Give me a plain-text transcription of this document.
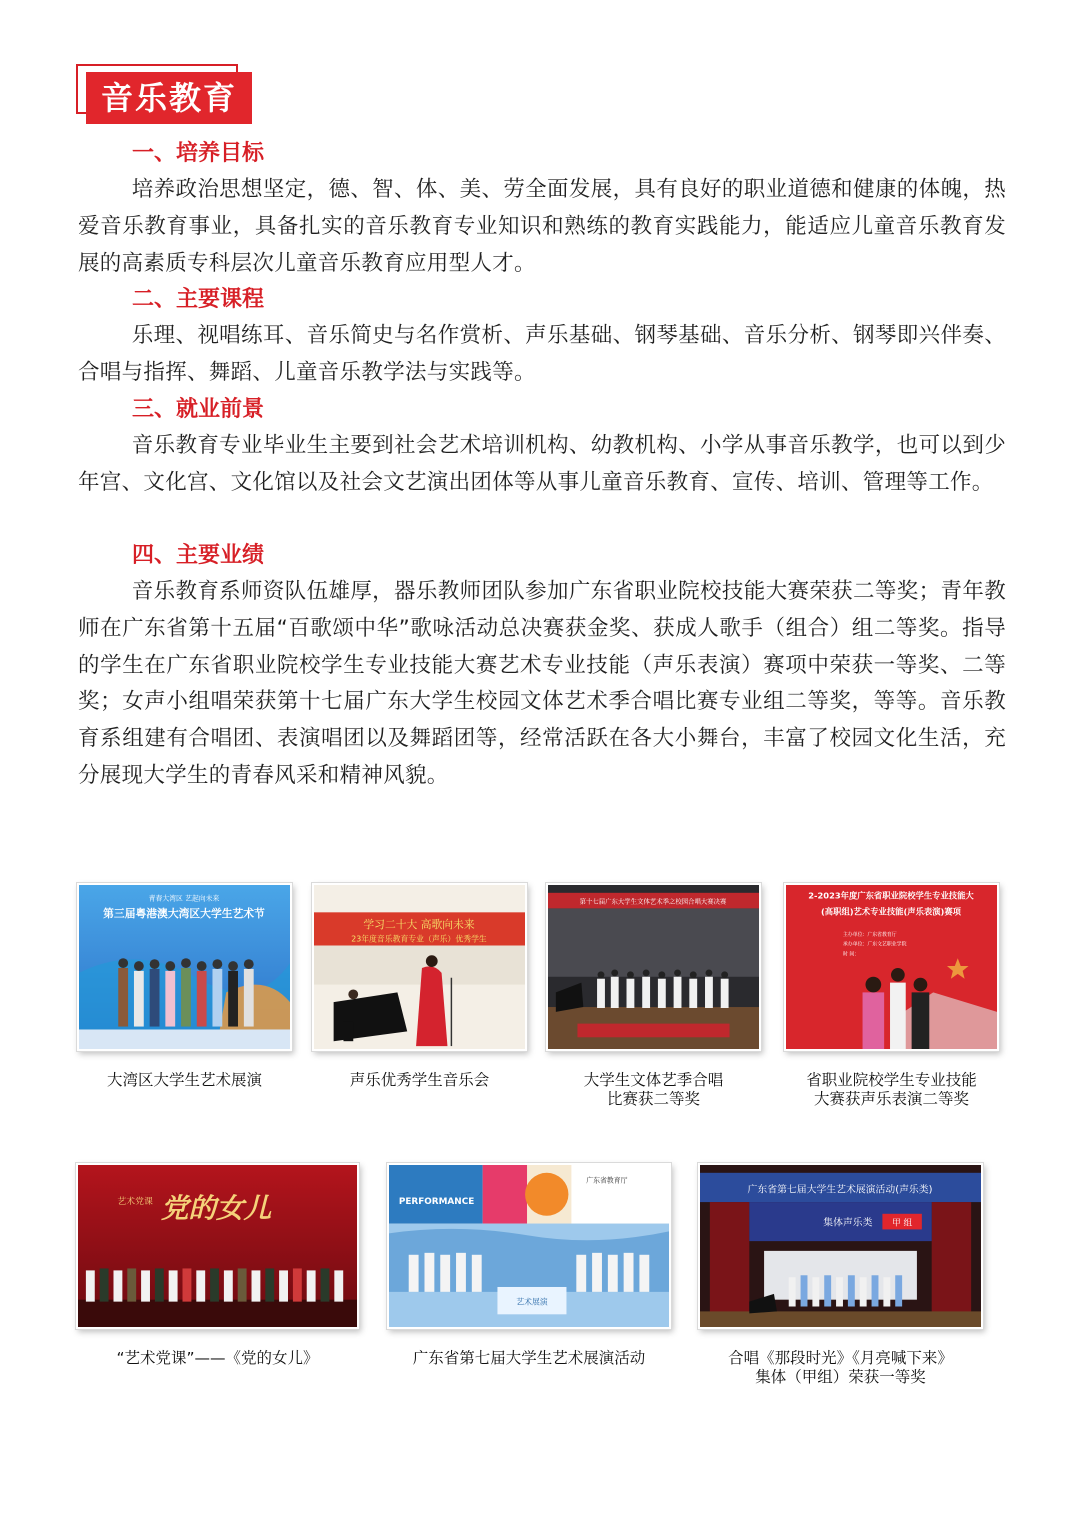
音乐教育
一、培养目标

培养政治思想坚定，德、智、体、美、劳全面发展，具有良好的职业道德和健康的体魄，热爱音乐教育事业，具备扎实的音乐教育专业知识和熟练的教育实践能力，能适应儿童音乐教育发展的高素质专科层次儿童音乐教育应用型人才。

二、主要课程

乐理、视唱练耳、音乐简史与名作赏析、声乐基础、钢琴基础、音乐分析、钢琴即兴伴奏、合唱与指挥、舞蹈、儿童音乐教学法与实践等。

三、就业前景

音乐教育专业毕业生主要到社会艺术培训机构、幼教机构、小学从事音乐教学，也可以到少年宫、文化宫、文化馆以及社会文艺演出团体等从事儿童音乐教育、宣传、培训、管理等工作。

四、主要业绩

音乐教育系师资队伍雄厚，器乐教师团队参加广东省职业院校技能大赛荣获二等奖；青年教师在广东省第十五届“百歌颂中华”歌咏活动总决赛获金奖、获成人歌手（组合）组二等奖。指导的学生在广东省职业院校学生专业技能大赛艺术专业技能（声乐表演）赛项中荣获一等奖、二等奖；女声小组唱荣获第十七届广东大学生校园文体艺术季合唱比赛专业组二等奖，等等。音乐教育系组建有合唱团、表演唱团以及舞蹈团等，经常活跃在各大小舞台，丰富了校园文化生活，充分展现大学生的青春风采和精神风貌。

青春大湾区 艺起向未来
第三届粤港澳大湾区大学生艺术节
大湾区大学生艺术展演
学习二十大 高歌向未来
23年度音乐教育专业（声乐）优秀学生
声乐优秀学生音乐会
第十七届广东大学生文体艺术季之校园合唱大赛决赛
大学生文体艺季合唱
比赛获二等奖
2-2023年度广东省职业院校学生专业技能大
(高职组)艺术专业技能(声乐表演)赛项
主办单位：广东省教育厅
承办单位：广东文艺职业学院
时 间：
省职业院校学生专业技能
大赛获声乐表演二等奖
艺术党课 党的女儿
“艺术党课”——《党的女儿》
PERFORMANCE
广东省教育厅
艺术展演
广东省第七届大学生艺术展演活动
广东省第七届大学生艺术展演活动(声乐类)
集体声乐类 甲 组
合唱《那段时光》《月亮喊下来》
集体（甲组）荣获一等奖
